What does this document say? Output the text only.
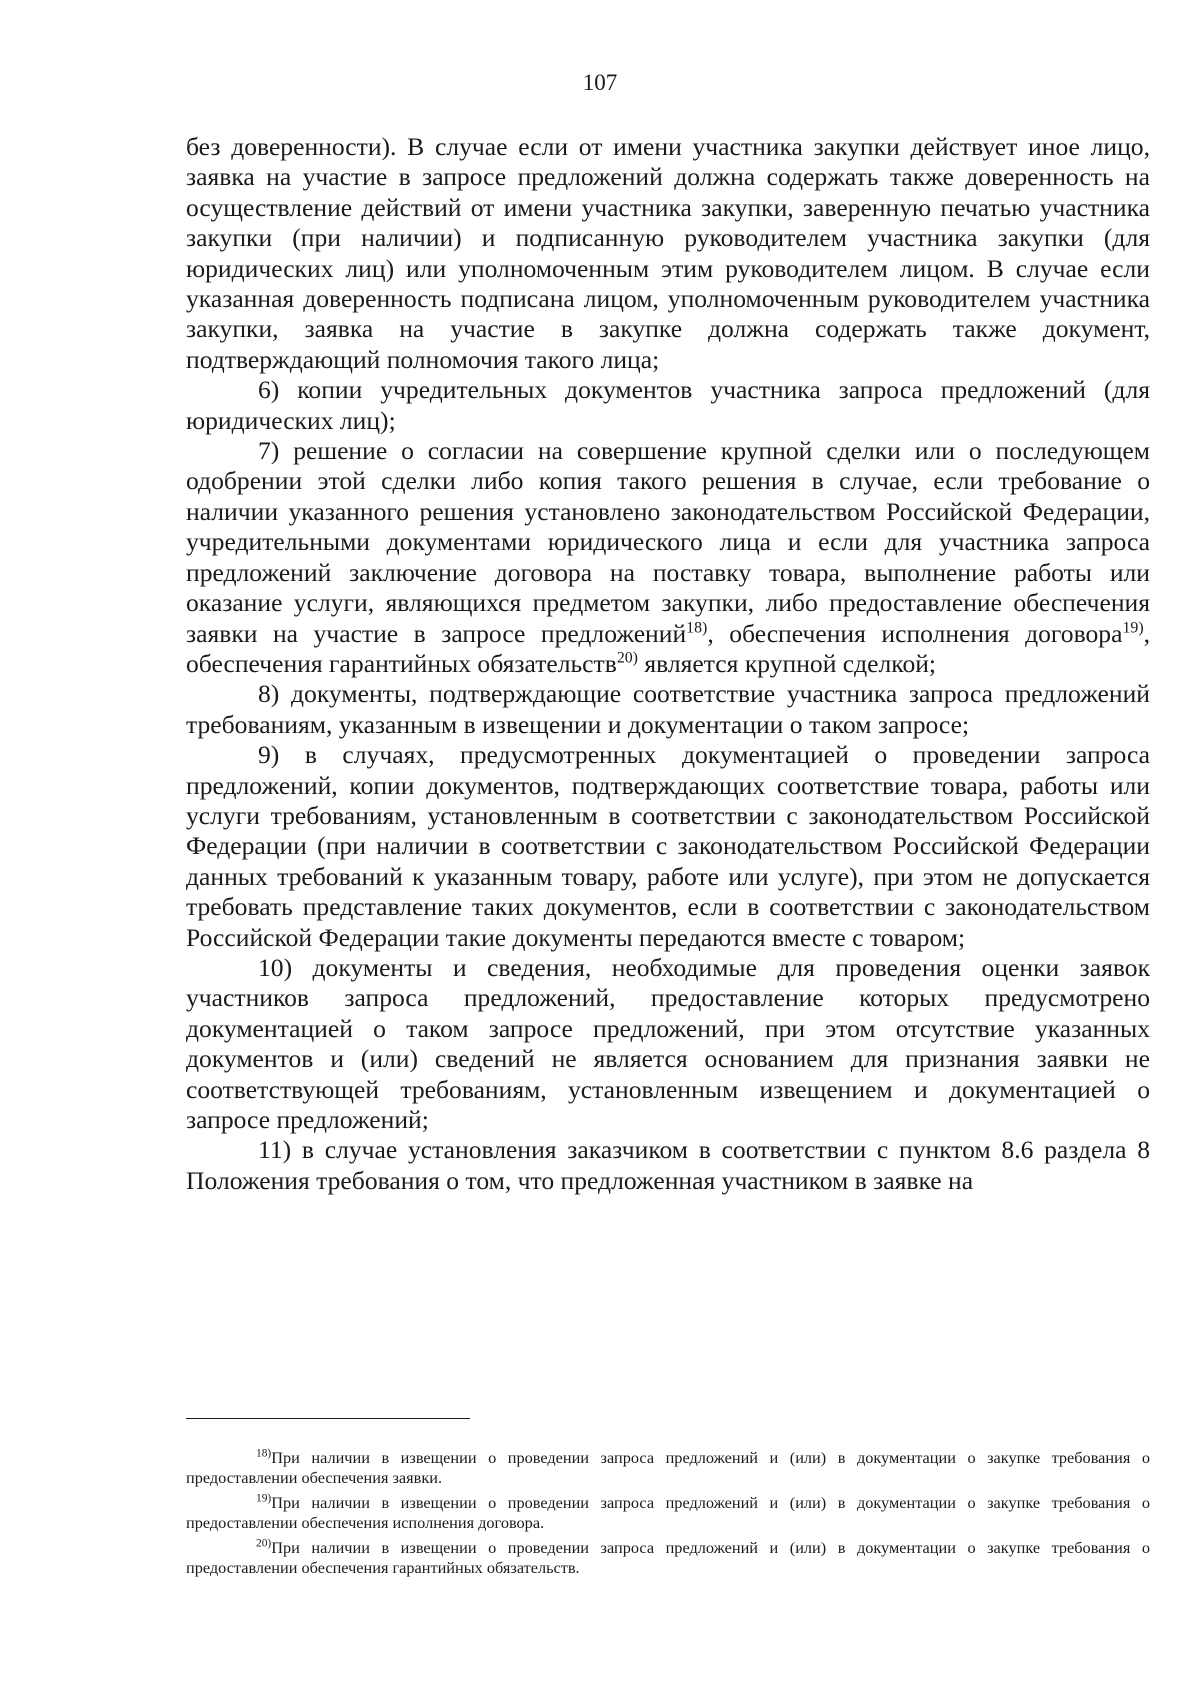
107

без доверенности). В случае если от имени участника закупки действует иное лицо, заявка на участие в запросе предложений должна содержать также доверенность на осуществление действий от имени участника закупки, заверенную печатью участника закупки (при наличии) и подписанную руководителем участника закупки (для юридических лиц) или уполномоченным этим руководителем лицом. В случае если указанная доверенность подписана лицом, уполномоченным руководителем участника закупки, заявка на участие в закупке должна содержать также документ, подтверждающий полномочия такого лица;

6) копии учредительных документов участника запроса предложений (для юридических лиц);

7) решение о согласии на совершение крупной сделки или о последующем одобрении этой сделки либо копия такого решения в случае, если требование о наличии указанного решения установлено законодательством Российской Федерации, учредительными документами юридического лица и если для участника запроса предложений заключение договора на поставку товара, выполнение работы или оказание услуги, являющихся предметом закупки, либо предоставление обеспечения заявки на участие в запросе предложений$^{18)}$, обеспечения исполнения договора$^{19)}$, обеспечения гарантийных обязательств$^{20)}$ является крупной сделкой;

8) документы, подтверждающие соответствие участника запроса предложений требованиям, указанным в извещении и документации о таком запросе;

9) в случаях, предусмотренных документацией о проведении запроса предложений, копии документов, подтверждающих соответствие товара, работы или услуги требованиям, установленным в соответствии с законодательством Российской Федерации (при наличии в соответствии с законодательством Российской Федерации данных требований к указанным товару, работе или услуге), при этом не допускается требовать представление таких документов, если в соответствии с законодательством Российской Федерации такие документы передаются вместе с товаром;

10) документы и сведения, необходимые для проведения оценки заявок участников запроса предложений, предоставление которых предусмотрено документацией о таком запросе предложений, при этом отсутствие указанных документов и (или) сведений не является основанием для признания заявки не соответствующей требованиям, установленным извещением и документацией о запросе предложений;

11) в случае установления заказчиком в соответствии с пунктом 8.6 раздела 8 Положения требования о том, что предложенная участником в заявке на

$^{18)}$При наличии в извещении о проведении запроса предложений и (или) в документации о закупке требования о предоставлении обеспечения заявки.

$^{19)}$При наличии в извещении о проведении запроса предложений и (или) в документации о закупке требования о предоставлении обеспечения исполнения договора.

$^{20)}$При наличии в извещении о проведении запроса предложений и (или) в документации о закупке требования о предоставлении обеспечения гарантийных обязательств.
